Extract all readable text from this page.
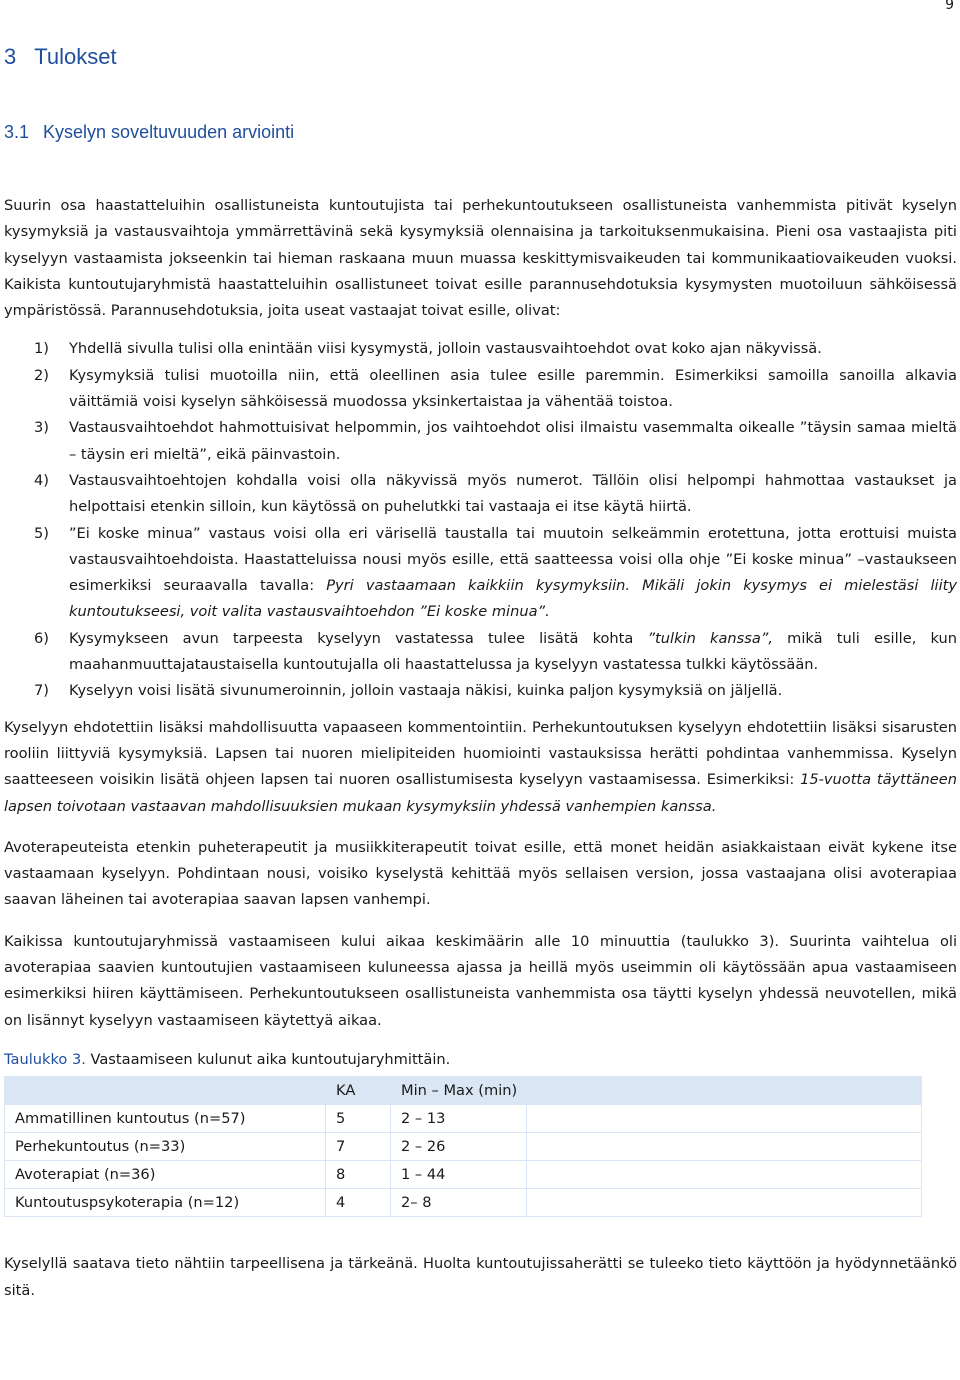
9
3 Tulokset
3.1 Kyselyn soveltuvuuden arviointi

Suurin osa haastatteluihin osallistuneista kuntoutujista tai perhekuntoutukseen osallistuneista vanhemmista pitivät kyselyn kysymyksiä ja vastausvaihtoja ymmärrettävinä sekä kysymyksiä olennaisina ja tarkoituksenmukaisina. Pieni osa vastaajista piti kyselyyn vastaamista jokseenkin tai hieman raskaana muun muassa keskittymisvaikeuden tai kommunikaatiovaikeuden vuoksi. Kaikista kuntoutujaryhmistä haastatteluihin osallistuneet toivat esille parannusehdotuksia kysymysten muotoiluun sähköisessä ympäristössä. Parannusehdotuksia, joita useat vastaajat toivat esille, olivat:

1) Yhdellä sivulla tulisi olla enintään viisi kysymystä, jolloin vastausvaihtoehdot ovat koko ajan näkyvissä.
2) Kysymyksiä tulisi muotoilla niin, että oleellinen asia tulee esille paremmin. Esimerkiksi samoilla sanoilla alkavia väittämiä voisi kyselyn sähköisessä muodossa yksinkertaistaa ja vähentää toistoa.
3) Vastausvaihtoehdot hahmottuisivat helpommin, jos vaihtoehdot olisi ilmaistu vasemmalta oikealle ”täysin samaa mieltä – täysin eri mieltä”, eikä päinvastoin.
4) Vastausvaihtoehtojen kohdalla voisi olla näkyvissä myös numerot. Tällöin olisi helpompi hahmottaa vastaukset ja helpottaisi etenkin silloin, kun käytössä on puhelutkki tai vastaaja ei itse käytä hiirtä.
5) ”Ei koske minua” vastaus voisi olla eri värisellä taustalla tai muutoin selkeämmin erotettuna, jotta erottuisi muista vastausvaihtoehdoista. Haastatteluissa nousi myös esille, että saatteessa voisi olla ohje ”Ei koske minua” –vastaukseen esimerkiksi seuraavalla tavalla: Pyri vastaamaan kaikkiin kysymyksiin. Mikäli jokin kysymys ei mielestäsi liity kuntoutukseesi, voit valita vastausvaihtoehdon ”Ei koske minua”.
6) Kysymykseen avun tarpeesta kyselyyn vastatessa tulee lisätä kohta ”tulkin kanssa”, mikä tuli esille, kun maahanmuuttajataustaisella kuntoutujalla oli haastattelussa ja kyselyyn vastatessa tulkki käytössään.
7) Kyselyyn voisi lisätä sivunumeroinnin, jolloin vastaaja näkisi, kuinka paljon kysymyksiä on jäljellä.

Kyselyyn ehdotettiin lisäksi mahdollisuutta vapaaseen kommentointiin. Perhekuntoutuksen kyselyyn ehdotettiin lisäksi sisarusten rooliin liittyviä kysymyksiä. Lapsen tai nuoren mielipiteiden huomiointi vastauksissa herätti pohdintaa vanhemmissa. Kyselyn saatteeseen voisikin lisätä ohjeen lapsen tai nuoren osallistumisesta kyselyyn vastaamisessa. Esimerkiksi: 15-vuotta täyttäneen lapsen toivotaan vastaavan mahdollisuuksien mukaan kysymyksiin yhdessä vanhempien kanssa.

Avoterapeuteista etenkin puheterapeutit ja musiikkiterapeutit toivat esille, että monet heidän asiakkaistaan eivät kykene itse vastaamaan kyselyyn. Pohdintaan nousi, voisiko kyselystä kehittää myös sellaisen version, jossa vastaajana olisi avoterapiaa saavan läheinen tai avoterapiaa saavan lapsen vanhempi.

Kaikissa kuntoutujaryhmissä vastaamiseen kului aikaa keskimäärin alle 10 minuuttia (taulukko 3). Suurinta vaihtelua oli avoterapiaa saavien kuntoutujien vastaamiseen kuluneessa ajassa ja heillä myös useimmin oli käytössään apua vastaamiseen esimerkiksi hiiren käyttämiseen. Perhekuntoutukseen osallistuneista vanhemmista osa täytti kyselyn yhdessä neuvotellen, mikä on lisännyt kyselyyn vastaamiseen käytettyä aikaa.

Taulukko 3. Vastaamiseen kulunut aika kuntoutujaryhmittäin.
	KA	Min – Max (min)	
Ammatillinen kuntoutus (n=57)	5	2 – 13	
Perhekuntoutus (n=33)	7	2 – 26	
Avoterapiat (n=36)	8	1 – 44	
Kuntoutuspsykoterapia (n=12)	4	2– 8	

Kyselyllä saatava tieto nähtiin tarpeellisena ja tärkeänä. Huolta kuntoutujissaherätti se tuleeko tieto käyttöön ja hyödynnetäänkö sitä.
